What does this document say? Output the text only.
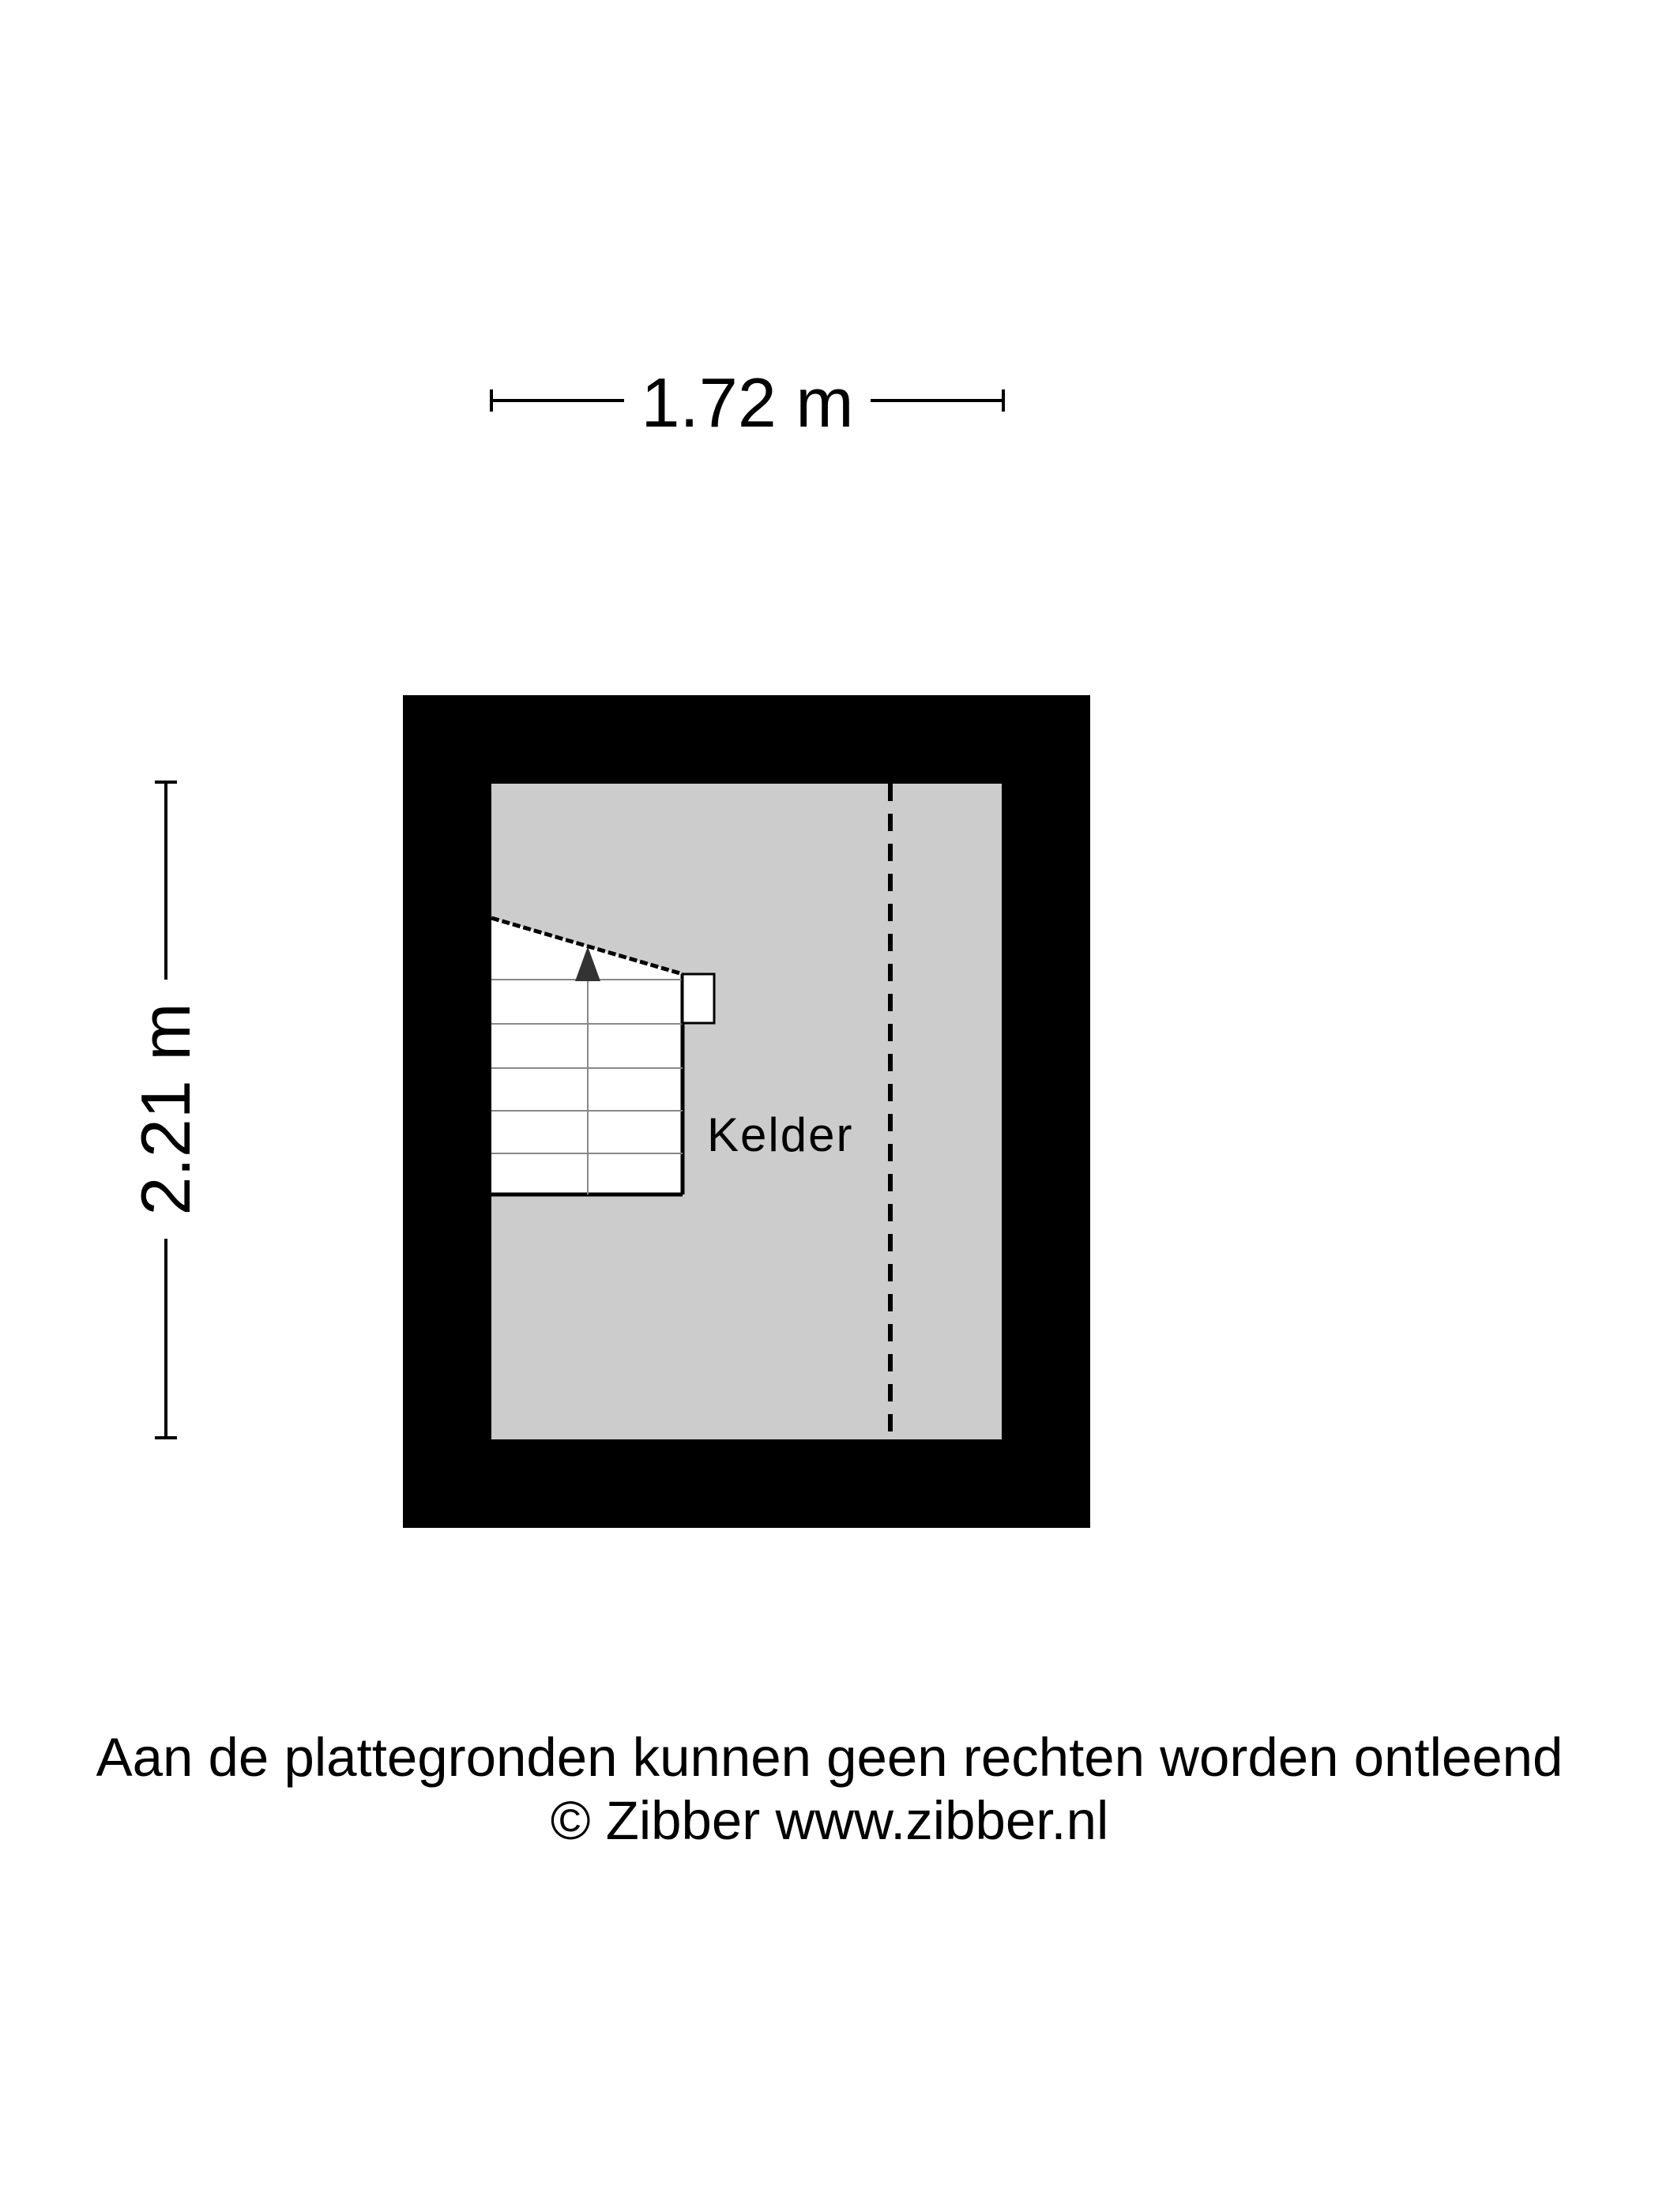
1.72 m
2.21 m	Kelder
Aan de plattegronden kunnen geen rechten worden ontleend
© Zibber www.zibber.nl
